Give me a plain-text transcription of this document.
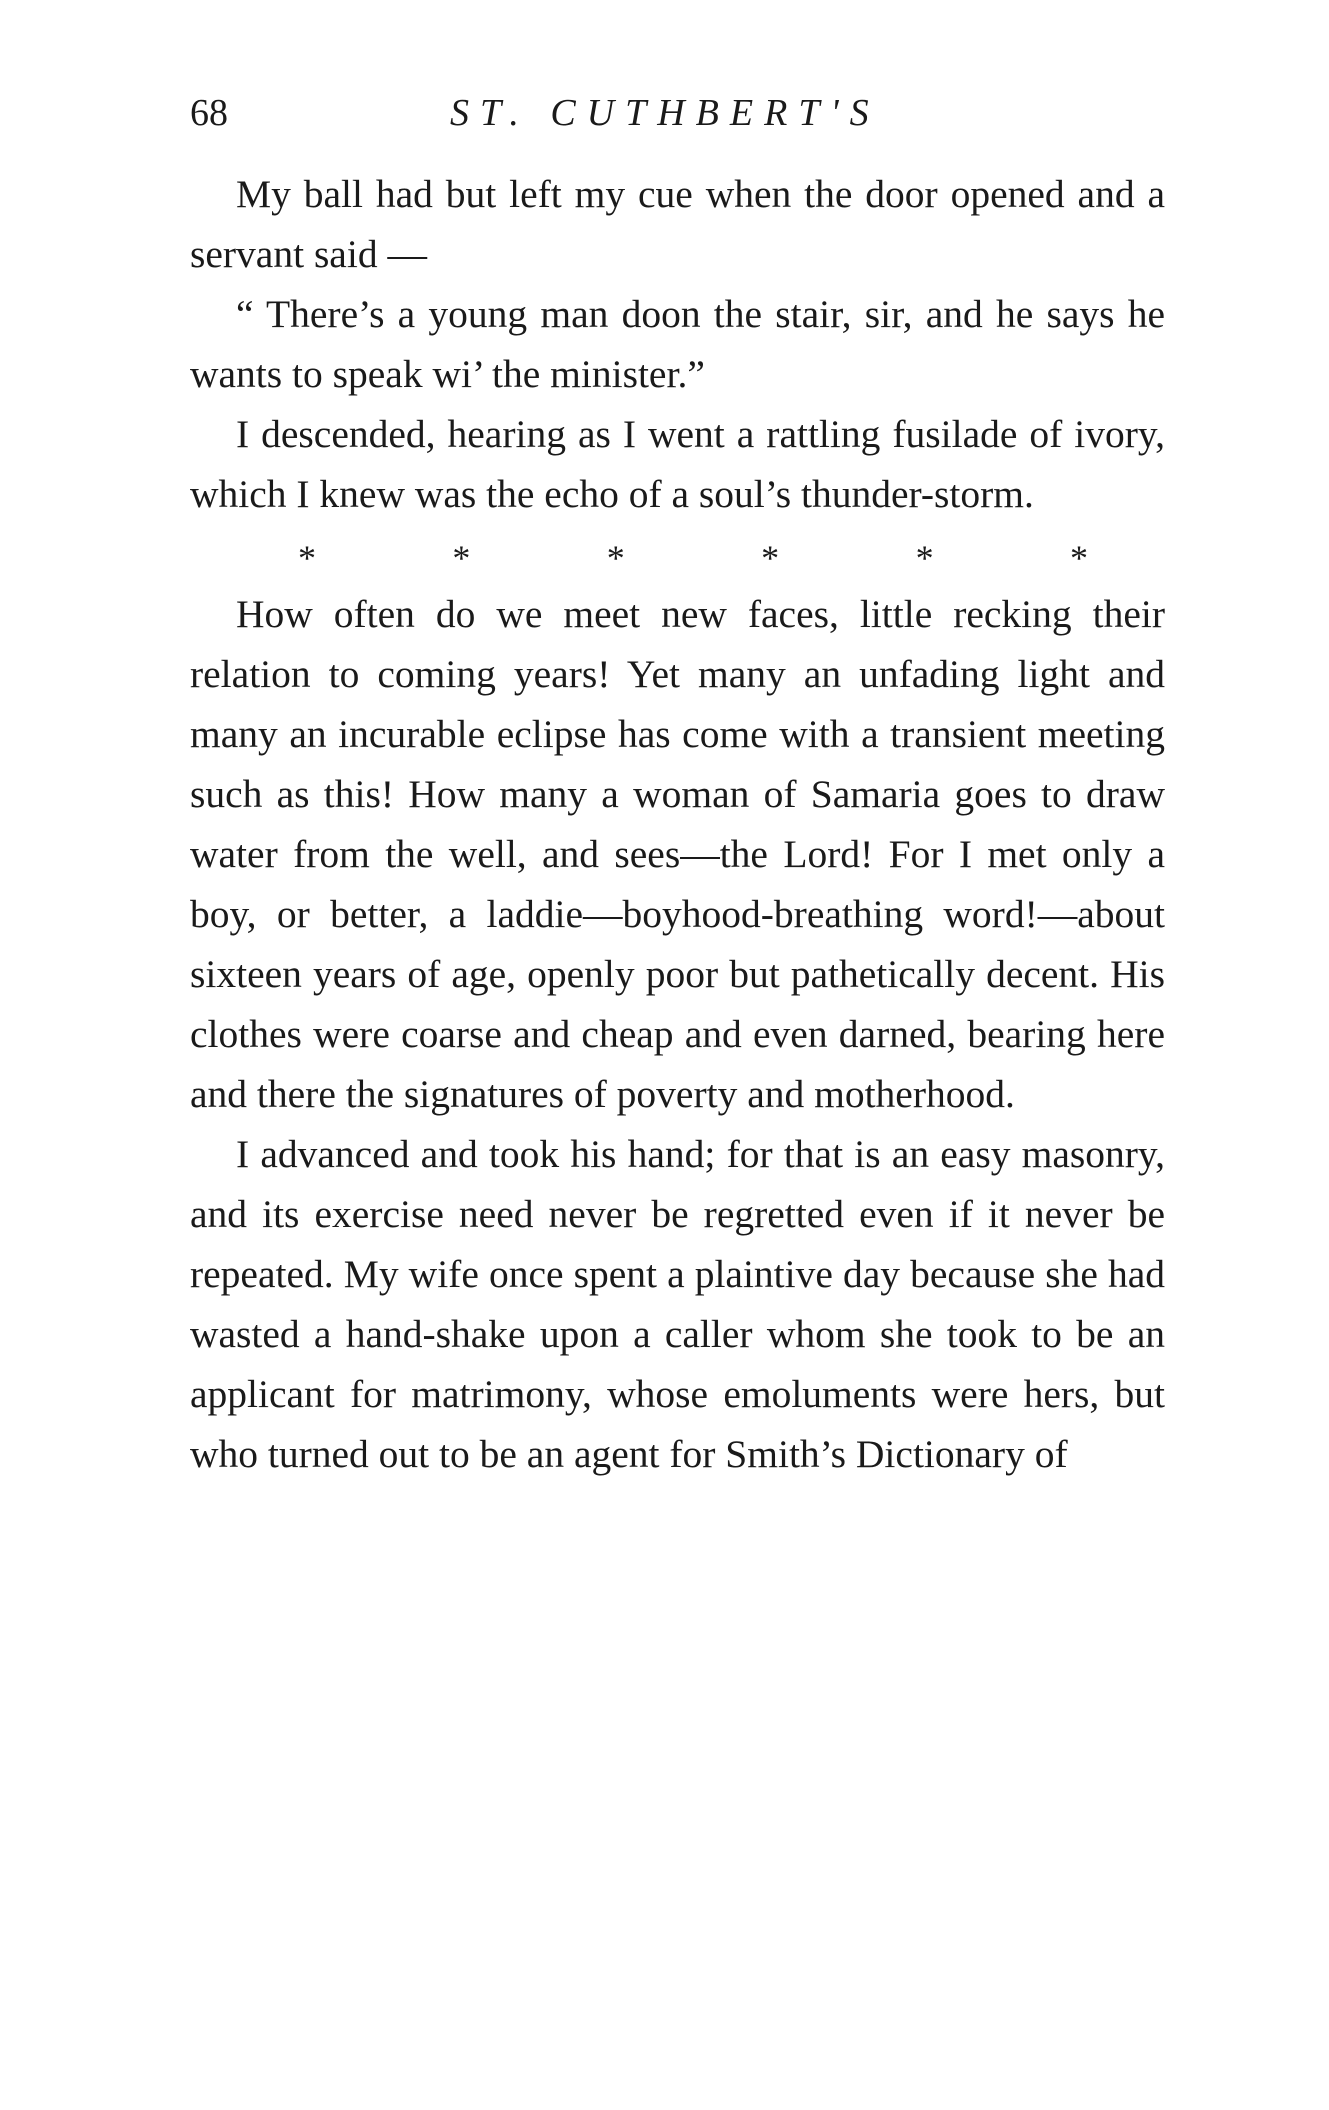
68	ST. CUTHBERT'S

My ball had but left my cue when the door opened and a servant said —

“ There’s a young man doon the stair, sir, and he says he wants to speak wi’ the minister.”

I descended, hearing as I went a rattling fusilade of ivory, which I knew was the echo of a soul’s thunder-storm.

*	*	*	*	*	*

How often do we meet new faces, little recking their relation to coming years! Yet many an unfading light and many an incurable eclipse has come with a transient meeting such as this! How many a woman of Samaria goes to draw water from the well, and sees—the Lord! For I met only a boy, or better, a laddie—boyhood-breathing word!—about sixteen years of age, openly poor but pathetically decent. His clothes were coarse and cheap and even darned, bearing here and there the signatures of poverty and motherhood.

I advanced and took his hand; for that is an easy masonry, and its exercise need never be regretted even if it never be repeated. My wife once spent a plaintive day because she had wasted a hand-shake upon a caller whom she took to be an applicant for matrimony, whose emoluments were hers, but who turned out to be an agent for Smith’s Dictionary of
